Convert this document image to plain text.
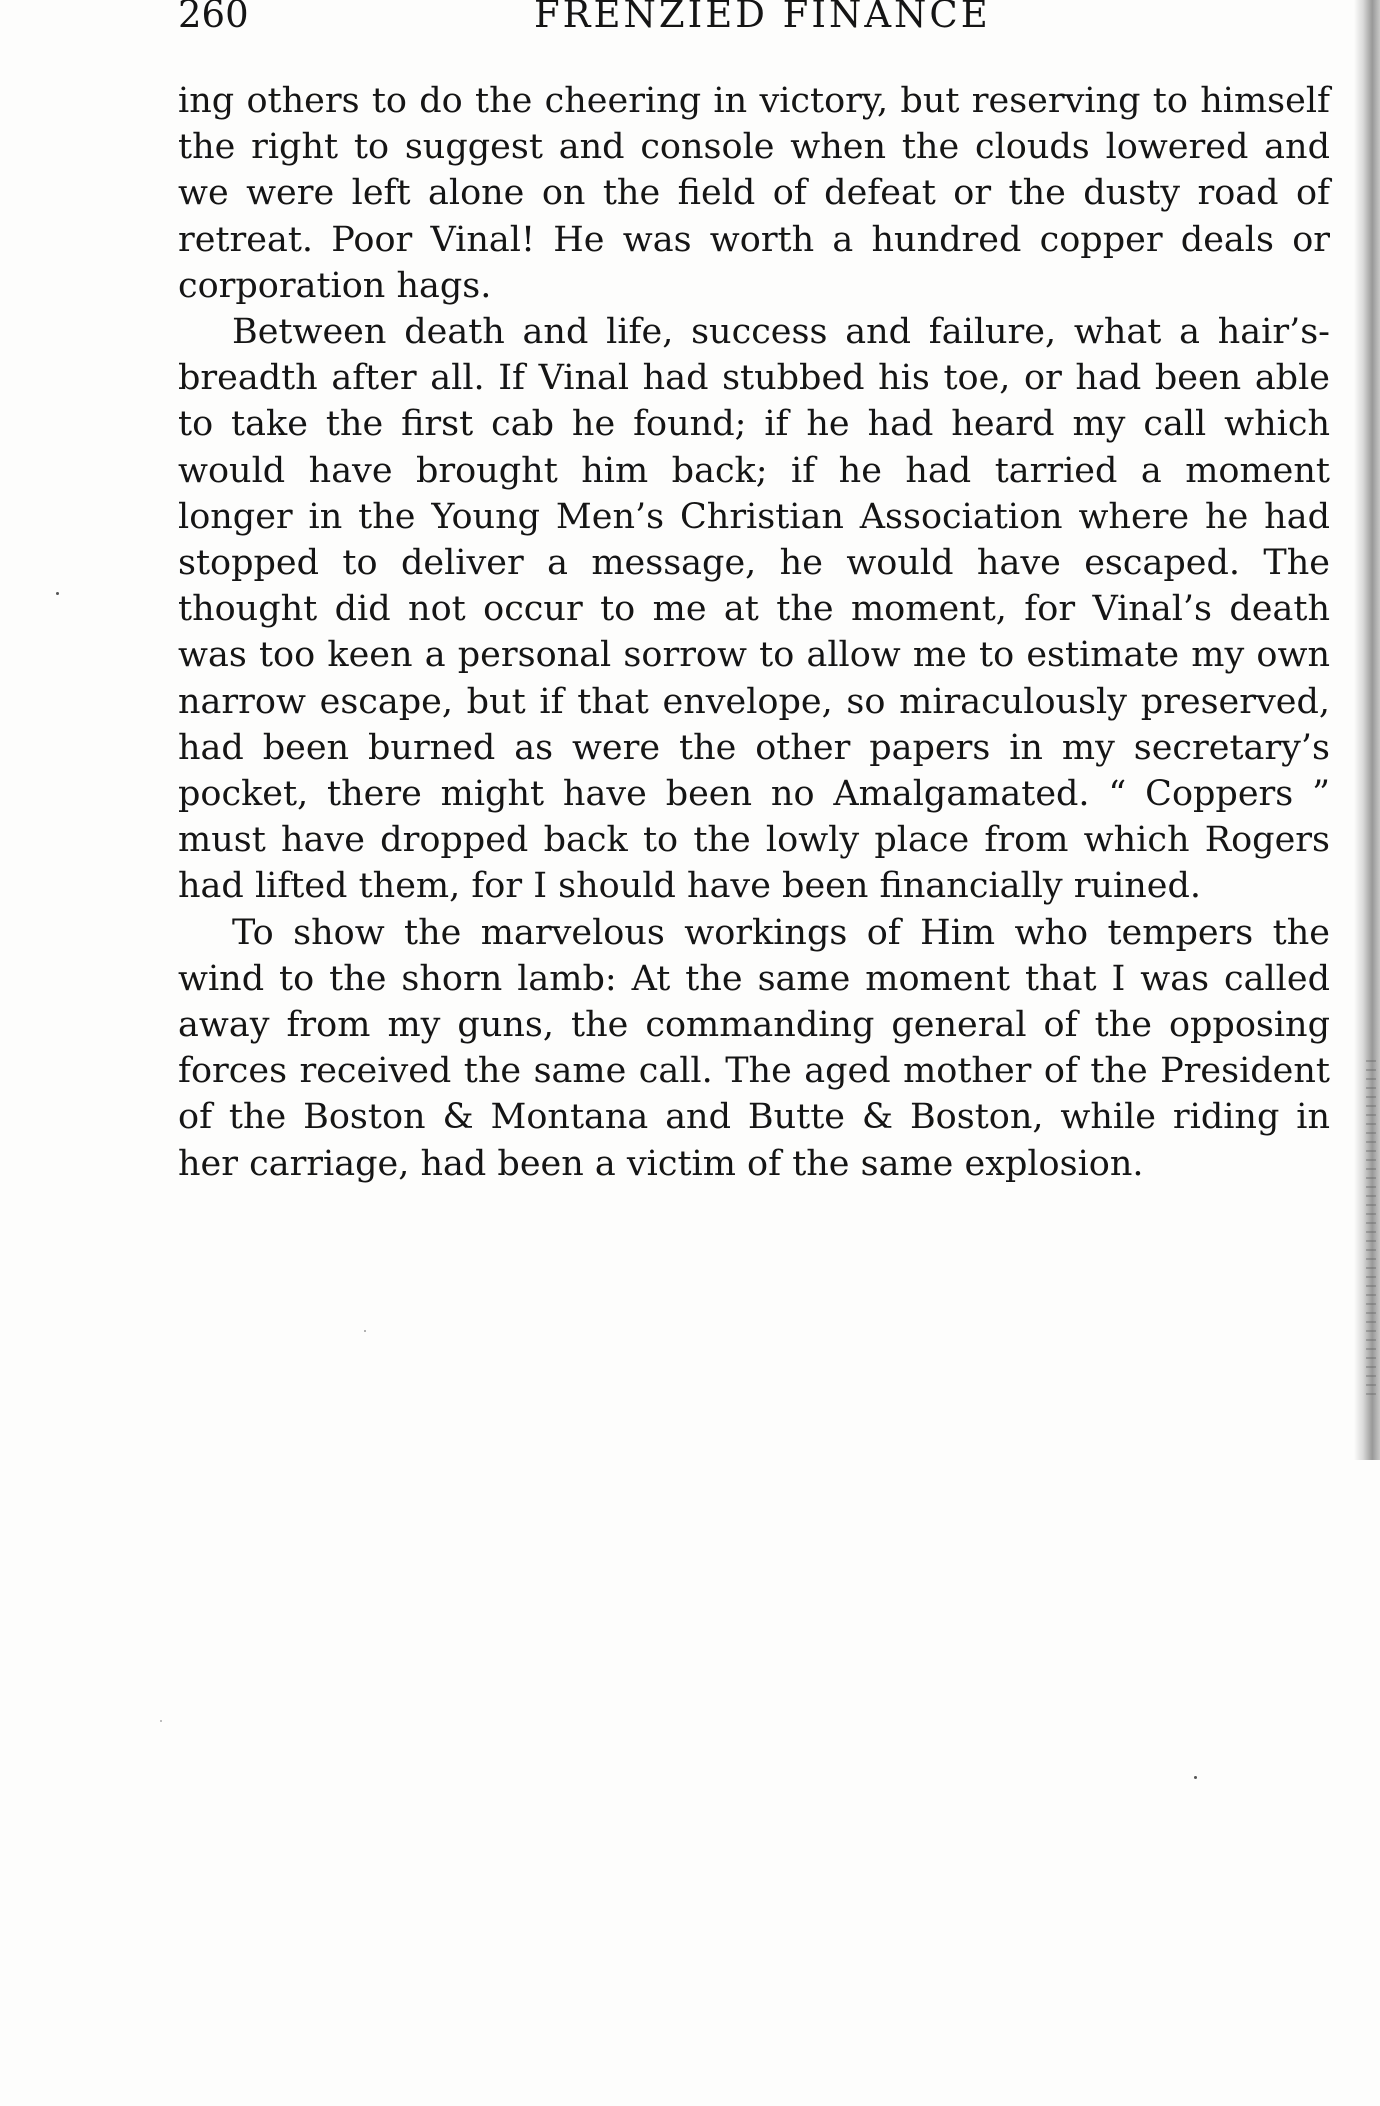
260	FRENZIED FINANCE

ing others to do the cheering in victory, but reserving to himself the right to suggest and console when the clouds lowered and we were left alone on the field of defeat or the dusty road of retreat. Poor Vinal! He was worth a hundred copper deals or corporation hags.

Between death and life, success and failure, what a hair’s-breadth after all. If Vinal had stubbed his toe, or had been able to take the first cab he found; if he had heard my call which would have brought him back; if he had tarried a moment longer in the Young Men’s Christian Association where he had stopped to deliver a message, he would have escaped. The thought did not occur to me at the moment, for Vinal’s death was too keen a personal sorrow to allow me to estimate my own narrow escape, but if that envelope, so miraculously preserved, had been burned as were the other papers in my secretary’s pocket, there might have been no Amalgamated. “ Coppers ” must have dropped back to the lowly place from which Rogers had lifted them, for I should have been financially ruined.

To show the marvelous workings of Him who tempers the wind to the shorn lamb: At the same moment that I was called away from my guns, the commanding general of the opposing forces received the same call. The aged mother of the President of the Boston & Montana and Butte & Boston, while riding in her carriage, had been a victim of the same explosion.
